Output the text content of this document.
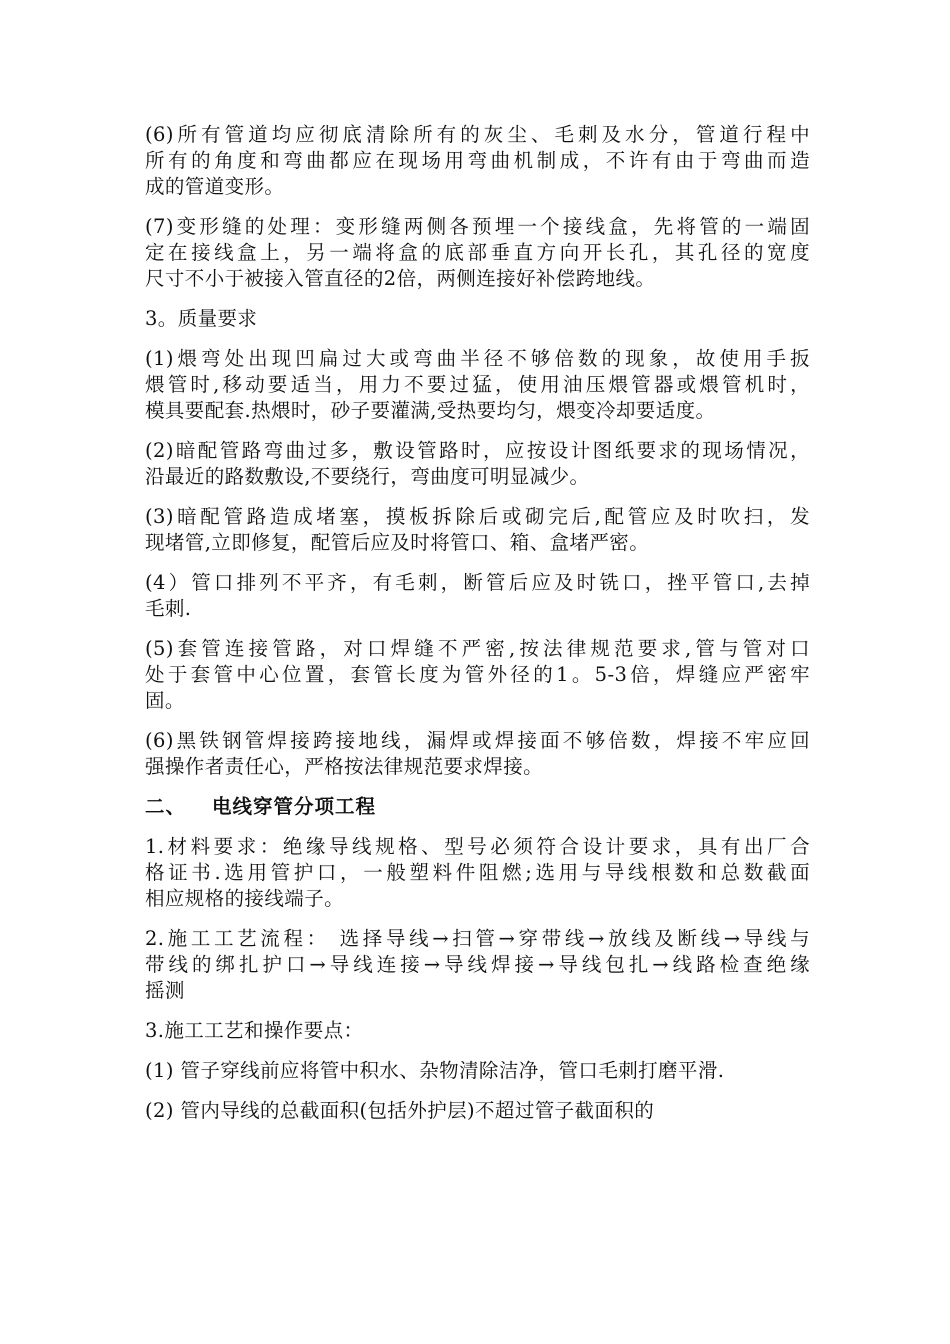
(6)所有管道均应彻底清除所有的灰尘、毛刺及水分，管道行程中
所有的角度和弯曲都应在现场用弯曲机制成，不许有由于弯曲而造
成的管道变形。
(7)变形缝的处理：变形缝两侧各预埋一个接线盒，先将管的一端固
定在接线盒上，另一端将盒的底部垂直方向开长孔，其孔径的宽度
尺寸不小于被接入管直径的2倍，两侧连接好补偿跨地线。
3。质量要求
(1)煨弯处出现凹扁过大或弯曲半径不够倍数的现象，故使用手扳
煨管时,移动要适当，用力不要过猛，使用油压煨管器或煨管机时，
模具要配套.热煨时，砂子要灌满,受热要均匀，煨变冷却要适度。
(2)暗配管路弯曲过多，敷设管路时，应按设计图纸要求的现场情况，
沿最近的路数敷设,不要绕行，弯曲度可明显减少。
(3)暗配管路造成堵塞，摸板拆除后或砌完后,配管应及时吹扫，发
现堵管,立即修复，配管后应及时将管口、箱、盒堵严密。
(4）管口排列不平齐，有毛刺，断管后应及时铣口，挫平管口,去掉
毛刺.
(5)套管连接管路，对口焊缝不严密,按法律规范要求,管与管对口
处于套管中心位置，套管长度为管外径的1。5-3倍，焊缝应严密牢
固。
(6)黑铁钢管焊接跨接地线，漏焊或焊接面不够倍数，焊接不牢应回
强操作者责任心，严格按法律规范要求焊接。
二、 电线穿管分项工程
1.材料要求：绝缘导线规格、型号必须符合设计要求，具有出厂合
格证书.选用管护口，一般塑料件阻燃;选用与导线根数和总数截面
相应规格的接线端子。
2.施工工艺流程： 选择导线→扫管→穿带线→放线及断线→导线与
带线的绑扎护口→导线连接→导线焊接→导线包扎→线路检查绝缘
摇测
3.施工工艺和操作要点：
(1) 管子穿线前应将管中积水、杂物清除洁净，管口毛刺打磨平滑.
(2) 管内导线的总截面积(包括外护层)不超过管子截面积的
